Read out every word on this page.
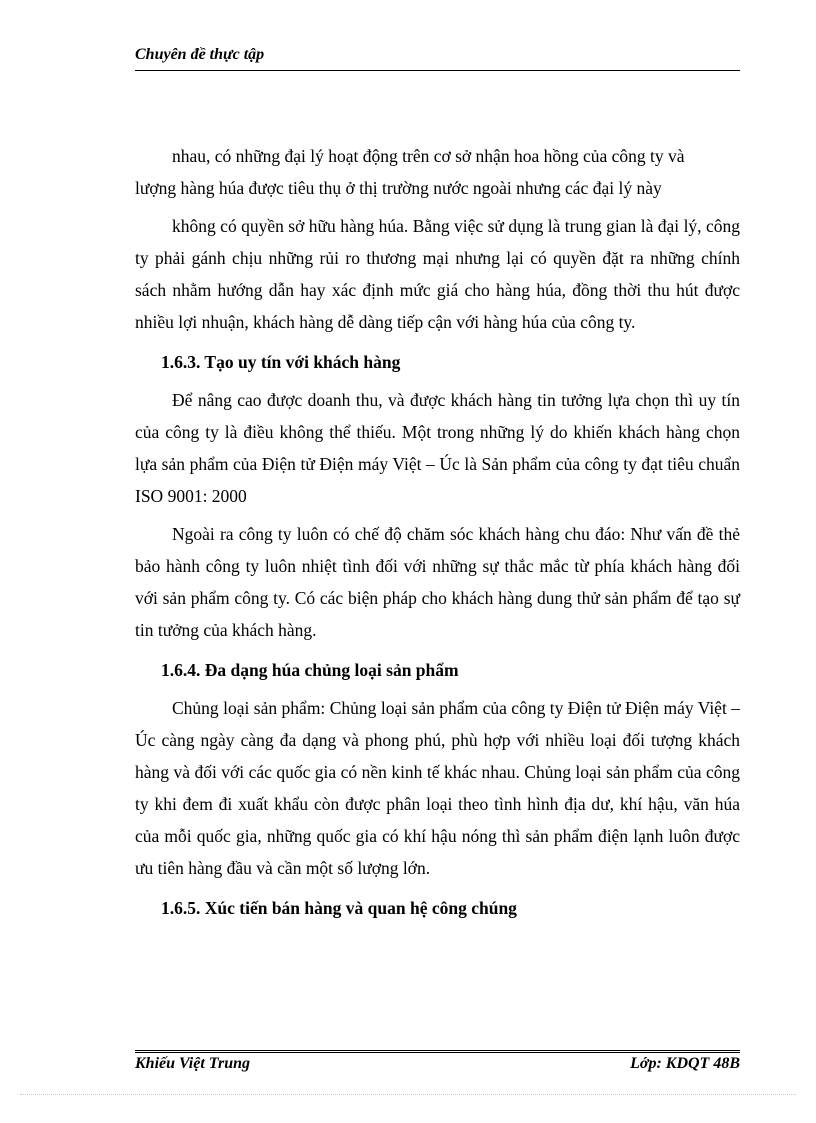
Chuyên đề thực tập

nhau, có những đại lý hoạt động trên cơ sở nhận hoa hồng của công ty và

lượng hàng húa được tiêu thụ ở thị trường nước ngoài nhưng các đại lý này

không có quyền sở hữu hàng húa. Bằng việc sử dụng là trung gian là đại lý, công ty phải gánh chịu những rủi ro thương mại nhưng lại có quyền đặt ra những chính sách nhằm hướng dẫn hay xác định mức giá cho hàng húa, đồng thời thu hút được nhiều lợi nhuận, khách hàng dễ dàng tiếp cận với hàng húa của công ty.

1.6.3. Tạo uy tín với khách hàng

Để nâng cao được doanh thu, và được khách hàng tin tưởng lựa chọn thì uy tín của công ty là điều không thể thiếu. Một trong những lý do khiến khách hàng chọn lựa sản phẩm của Điện tử Điện máy Việt – Úc là Sản phẩm của công ty đạt tiêu chuẩn ISO 9001: 2000

Ngoài ra công ty luôn có chế độ chăm sóc khách hàng chu đáo: Như vấn đề thẻ bảo hành công ty luôn nhiệt tình đối với những sự thắc mắc từ phía khách hàng đối với sản phẩm công ty. Có các biện pháp cho khách hàng dung thử sản phẩm để tạo sự tin tưởng của khách hàng.

1.6.4. Đa dạng húa chủng loại sản phẩm

Chủng loại sản phẩm: Chủng loại sản phẩm của công ty Điện tử Điện máy Việt – Úc càng ngày càng đa dạng và phong phú, phù hợp với nhiều loại đối tượng khách hàng và đối với các quốc gia có nền kinh tế khác nhau. Chủng loại sản phẩm của công ty khi đem đi xuất khẩu còn được phân loại theo tình hình địa dư, khí hậu, văn húa của mỗi quốc gia, những quốc gia có khí hậu nóng thì sản phẩm điện lạnh luôn được ưu tiên hàng đầu và cần một số lượng lớn.

1.6.5. Xúc tiến bán hàng và quan hệ công chúng

Khiếu Việt Trung	Lớp: KDQT 48B
